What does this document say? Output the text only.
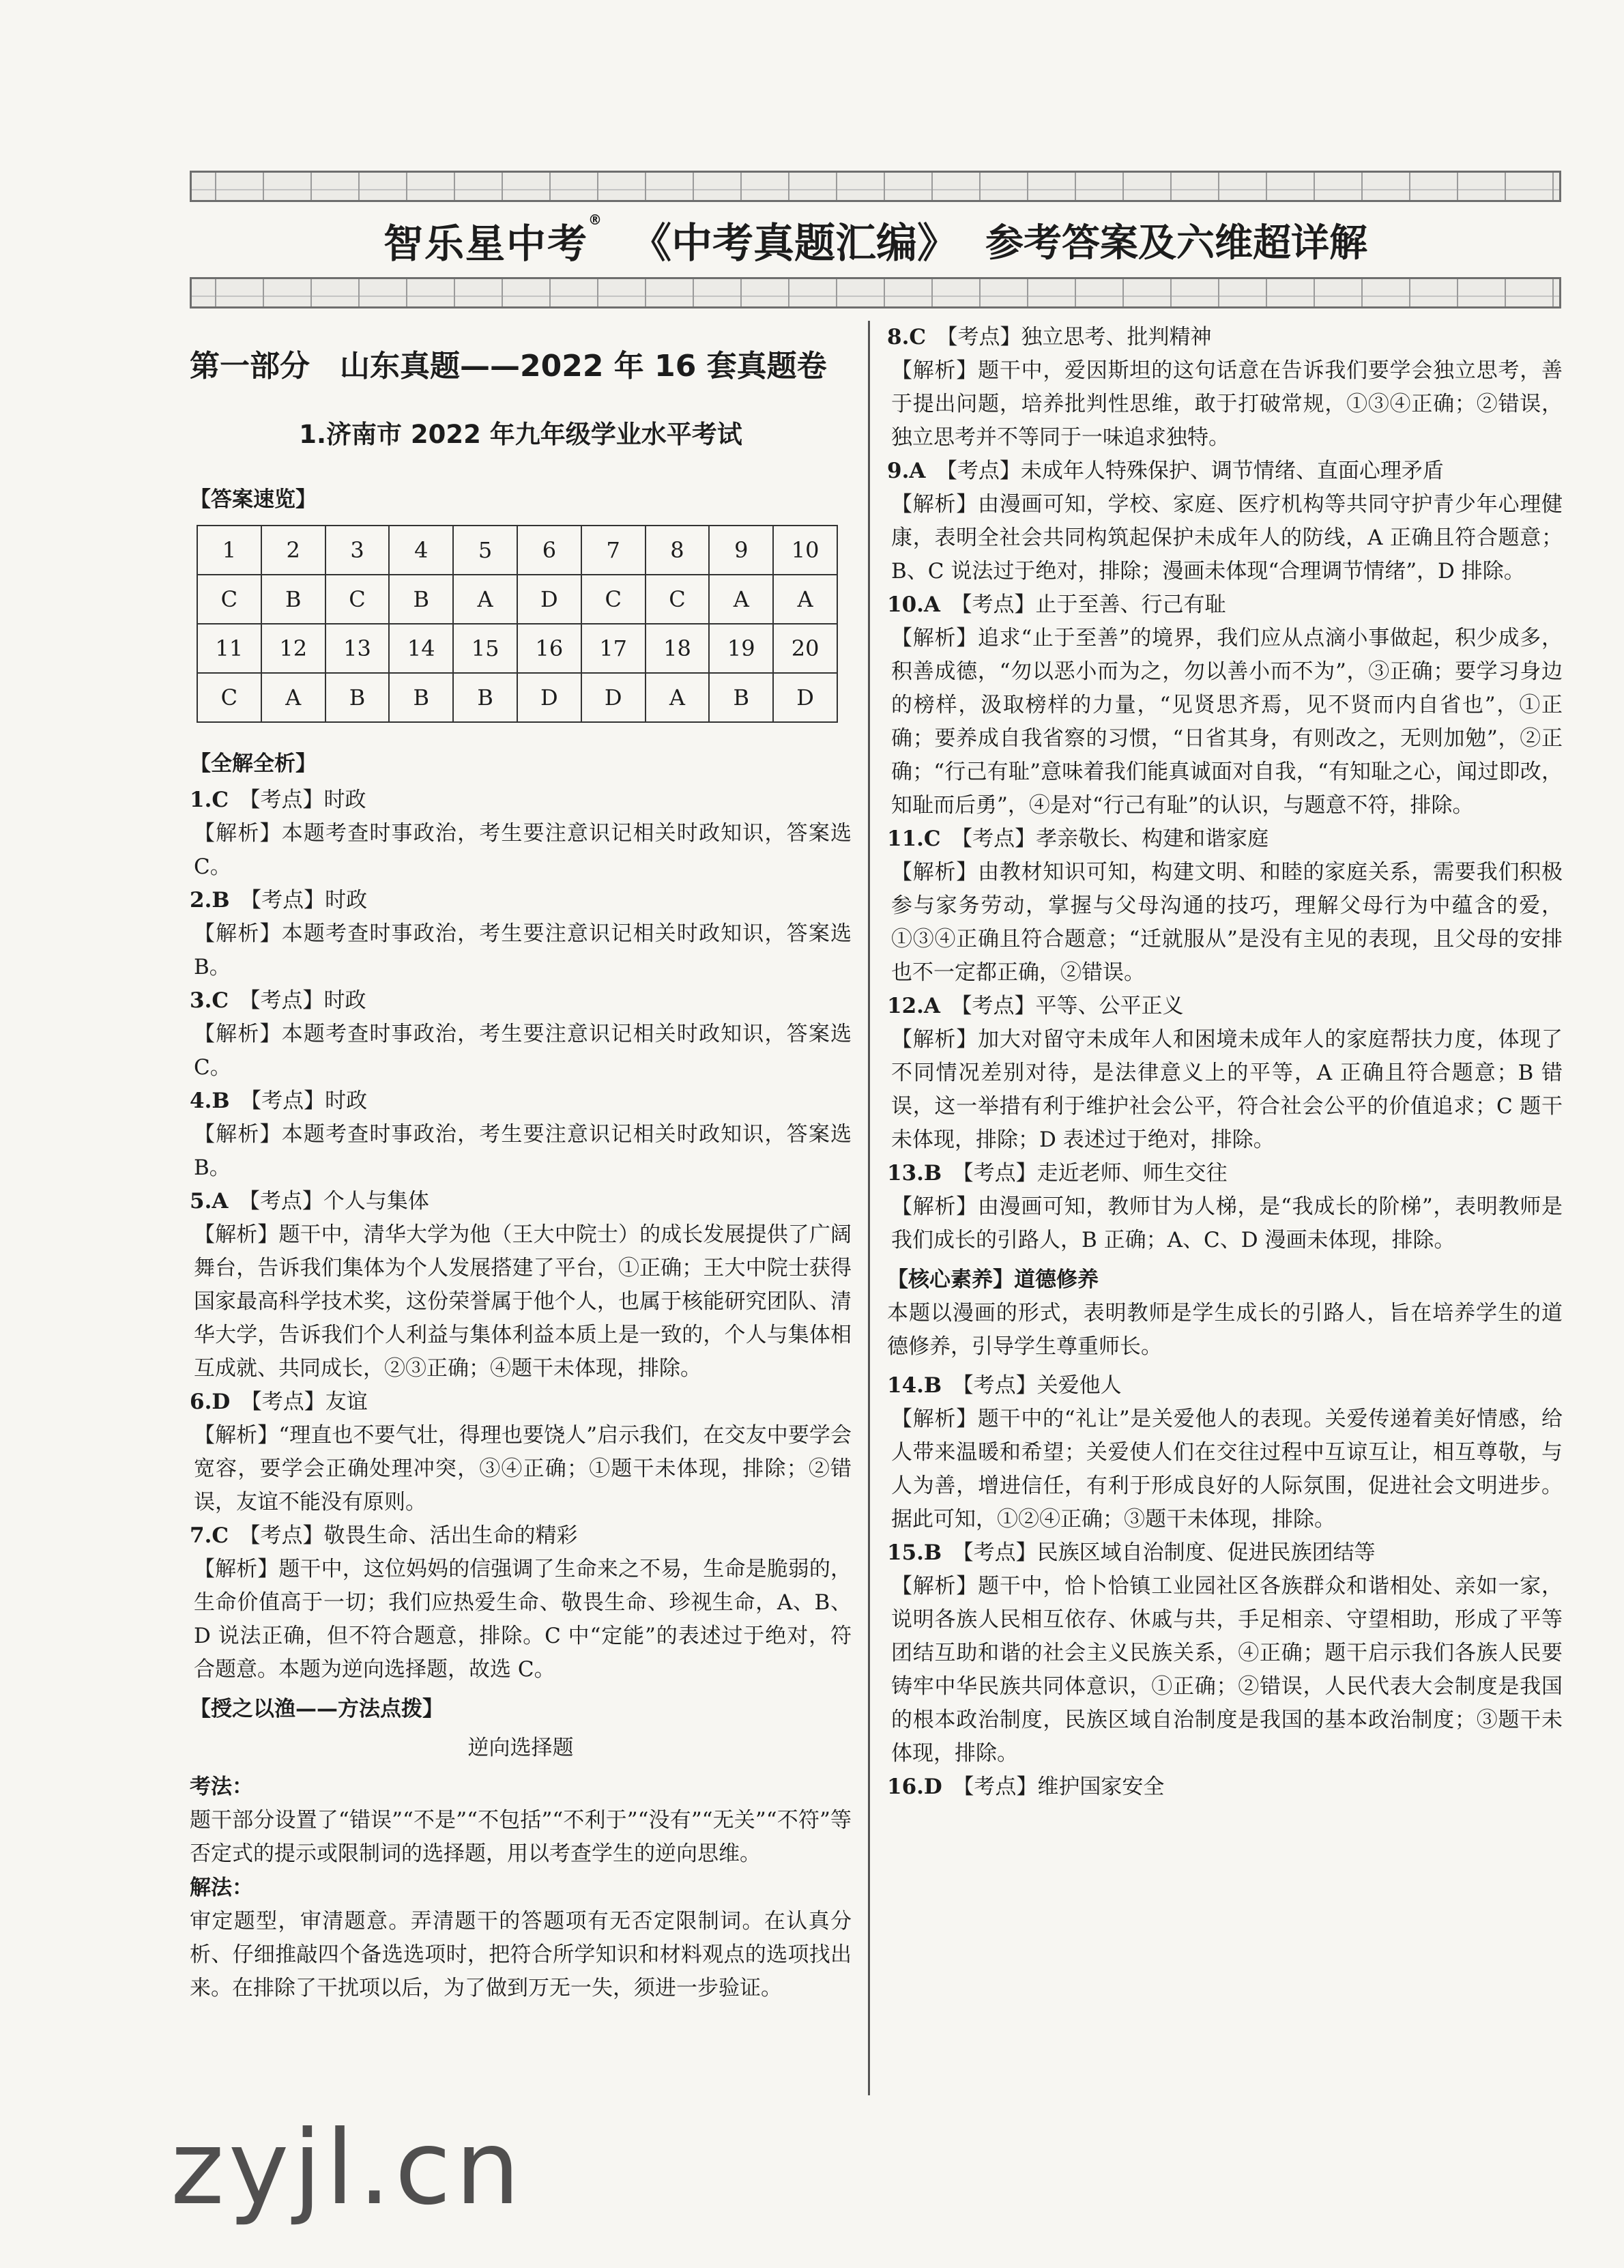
智乐星中考® 《中考真题汇编》 参考答案及六维超详解
第一部分　山东真题——2022 年 16 套真题卷
1.济南市 2022 年九年级学业水平考试
【答案速览】
1	2	3	4	5	6	7	8	9	10
C	B	C	B	A	D	C	C	A	A
11	12	13	14	15	16	17	18	19	20
C	A	B	B	B	D	D	A	B	D
【全解全析】
1.C　 【考点】时政

【解析】本题考查时事政治，考生要注意识记相关时政知识，答案选 C。

2.B　 【考点】时政

【解析】本题考查时事政治，考生要注意识记相关时政知识，答案选 B。

3.C　 【考点】时政

【解析】本题考查时事政治，考生要注意识记相关时政知识，答案选 C。

4.B　 【考点】时政

【解析】本题考查时事政治，考生要注意识记相关时政知识，答案选 B。

5.A　 【考点】个人与集体

【解析】题干中，清华大学为他（王大中院士）的成长发展提供了广阔舞台，告诉我们集体为个人发展搭建了平台，①正确；王大中院士获得国家最高科学技术奖，这份荣誉属于他个人，也属于核能研究团队、清华大学，告诉我们个人利益与集体利益本质上是一致的，个人与集体相互成就、共同成长，②③正确；④题干未体现，排除。

6.D　 【考点】友谊

【解析】“理直也不要气壮，得理也要饶人”启示我们，在交友中要学会宽容，要学会正确处理冲突，③④正确；①题干未体现，排除；②错误，友谊不能没有原则。

7.C　 【考点】敬畏生命、活出生命的精彩

【解析】题干中，这位妈妈的信强调了生命来之不易，生命是脆弱的，生命价值高于一切；我们应热爱生命、敬畏生命、珍视生命，A、B、D 说法正确，但不符合题意，排除。C 中“定能”的表述过于绝对，符合题意。本题为逆向选择题，故选 C。

【授之以渔——方法点拨】
逆向选择题
考法：

题干部分设置了“错误”“不是”“不包括”“不利于”“没有”“无关”“不符”等否定式的提示或限制词的选择题，用以考查学生的逆向思维。

解法：

审定题型，审清题意。弄清题干的答题项有无否定限制词。在认真分析、仔细推敲四个备选选项时，把符合所学知识和材料观点的选项找出来。在排除了干扰项以后，为了做到万无一失，须进一步验证。

8.C　 【考点】独立思考、批判精神

【解析】题干中，爱因斯坦的这句话意在告诉我们要学会独立思考，善于提出问题，培养批判性思维，敢于打破常规，①③④正确；②错误，独立思考并不等同于一味追求独特。

9.A　 【考点】未成年人特殊保护、调节情绪、直面心理矛盾

【解析】由漫画可知，学校、家庭、医疗机构等共同守护青少年心理健康，表明全社会共同构筑起保护未成年人的防线，A 正确且符合题意；B、C 说法过于绝对，排除；漫画未体现“合理调节情绪”，D 排除。

10.A　 【考点】止于至善、行己有耻

【解析】追求“止于至善”的境界，我们应从点滴小事做起，积少成多，积善成德，“勿以恶小而为之，勿以善小而不为”，③正确；要学习身边的榜样，汲取榜样的力量，“见贤思齐焉，见不贤而内自省也”，①正确；要养成自我省察的习惯，“日省其身，有则改之，无则加勉”，②正确；“行己有耻”意味着我们能真诚面对自我，“有知耻之心，闻过即改，知耻而后勇”，④是对“行己有耻”的认识，与题意不符，排除。

11.C　 【考点】孝亲敬长、构建和谐家庭

【解析】由教材知识可知，构建文明、和睦的家庭关系，需要我们积极参与家务劳动，掌握与父母沟通的技巧，理解父母行为中蕴含的爱，①③④正确且符合题意；“迁就服从”是没有主见的表现，且父母的安排也不一定都正确，②错误。

12.A　 【考点】平等、公平正义

【解析】加大对留守未成年人和困境未成年人的家庭帮扶力度，体现了不同情况差别对待，是法律意义上的平等，A 正确且符合题意；B 错误，这一举措有利于维护社会公平，符合社会公平的价值追求；C 题干未体现，排除；D 表述过于绝对，排除。

13.B　 【考点】走近老师、师生交往

【解析】由漫画可知，教师甘为人梯，是“我成长的阶梯”，表明教师是我们成长的引路人，B 正确；A、C、D 漫画未体现，排除。

【核心素养】道德修养

本题以漫画的形式，表明教师是学生成长的引路人，旨在培养学生的道德修养，引导学生尊重师长。

14.B　 【考点】关爱他人

【解析】题干中的“礼让”是关爱他人的表现。关爱传递着美好情感，给人带来温暖和希望；关爱使人们在交往过程中互谅互让，相互尊敬，与人为善，增进信任，有利于形成良好的人际氛围，促进社会文明进步。据此可知，①②④正确；③题干未体现，排除。

15.B　 【考点】民族区域自治制度、促进民族团结等

【解析】题干中，恰卜恰镇工业园社区各族群众和谐相处、亲如一家，说明各族人民相互依存、休戚与共，手足相亲、守望相助，形成了平等团结互助和谐的社会主义民族关系，④正确；题干启示我们各族人民要铸牢中华民族共同体意识，①正确；②错误，人民代表大会制度是我国的根本政治制度，民族区域自治制度是我国的基本政治制度；③题干未体现，排除。

16.D　 【考点】维护国家安全
zyjl.cn
